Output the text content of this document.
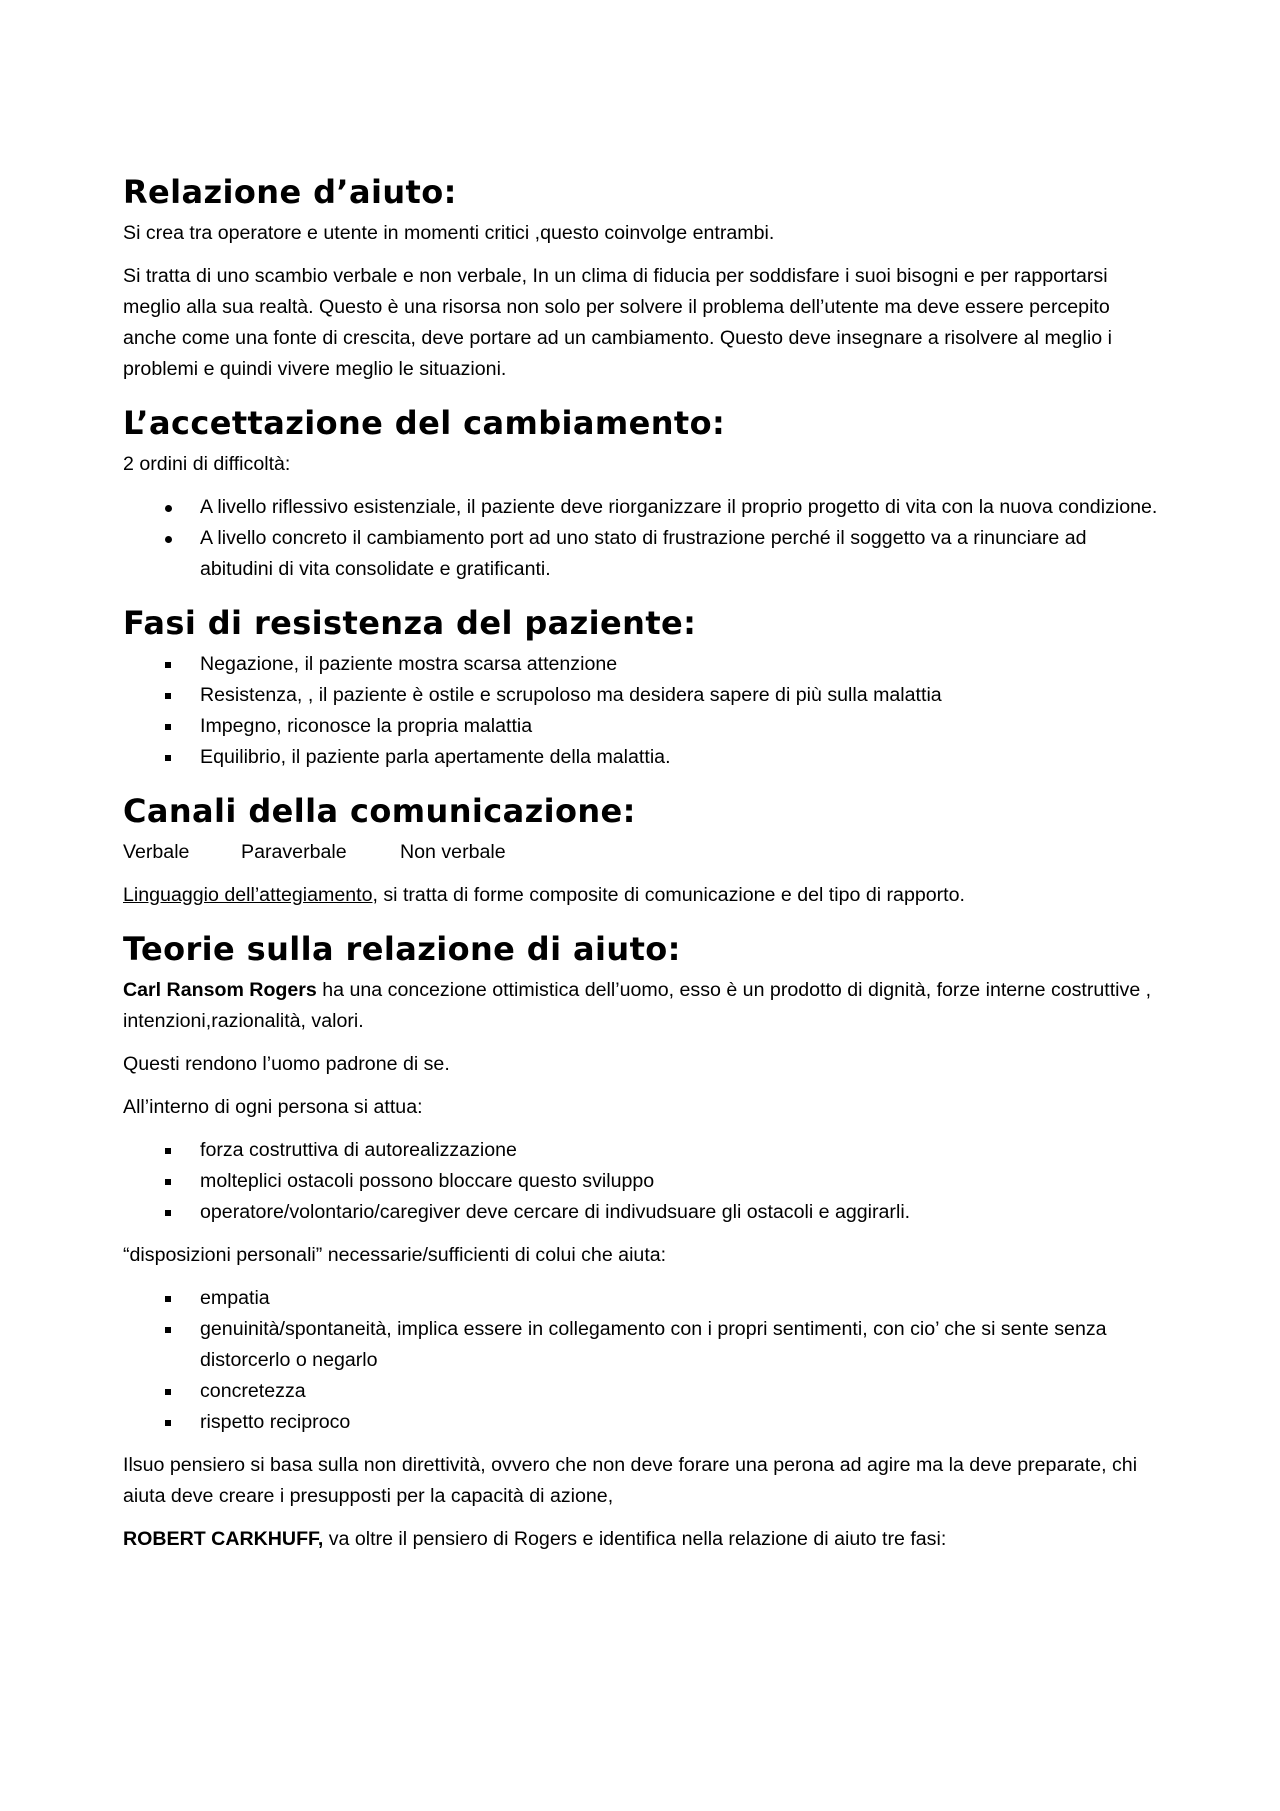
Relazione d’aiuto:

Si crea tra operatore e utente in momenti critici ,questo coinvolge entrambi.

Si tratta di uno scambio verbale e non verbale, In un clima di fiducia per soddisfare i suoi bisogni e per rapportarsi meglio alla sua realtà. Questo è una risorsa non solo per solvere il problema dell’utente ma deve essere percepito anche come una fonte di crescita, deve portare ad un cambiamento. Questo deve insegnare a risolvere al meglio i problemi e quindi vivere meglio le situazioni.

L’accettazione del cambiamento:

2 ordini di difficoltà:

A livello riflessivo esistenziale, il paziente deve riorganizzare il proprio progetto di vita con la nuova condizione.
A livello concreto il cambiamento port ad uno stato di frustrazione perché il soggetto va a rinunciare ad abitudini di vita consolidate e gratificanti.
Fasi di resistenza del paziente:
Negazione, il paziente mostra scarsa attenzione
Resistenza, , il paziente è ostile e scrupoloso ma desidera sapere di più sulla malattia
Impegno, riconosce la propria malattia
Equilibrio, il paziente parla apertamente della malattia.
Canali della comunicazione:

Verbale	Paraverbale	Non verbale

Linguaggio dell’attegiamento, si tratta di forme composite di comunicazione e del tipo di rapporto.

Teorie sulla relazione di aiuto:

Carl Ransom Rogers ha una concezione ottimistica dell’uomo, esso è un prodotto di dignità, forze interne costruttive , intenzioni,razionalità, valori.

Questi rendono l’uomo padrone di se.

All’interno di ogni persona si attua:

forza costruttiva di autorealizzazione
molteplici ostacoli possono bloccare questo sviluppo
operatore/volontario/caregiver deve cercare di indivudsuare gli ostacoli e aggirarli.

“disposizioni personali” necessarie/sufficienti di colui che aiuta:

empatia
genuinità/spontaneità, implica essere in collegamento con i propri sentimenti, con cio’ che si sente senza distorcerlo o negarlo
concretezza
rispetto reciproco

Ilsuo pensiero si basa sulla non direttività, ovvero che non deve forare una perona ad agire ma la deve preparate, chi aiuta deve creare i presupposti per la capacità di azione,

ROBERT CARKHUFF, va oltre il pensiero di Rogers e identifica nella relazione di aiuto tre fasi:
